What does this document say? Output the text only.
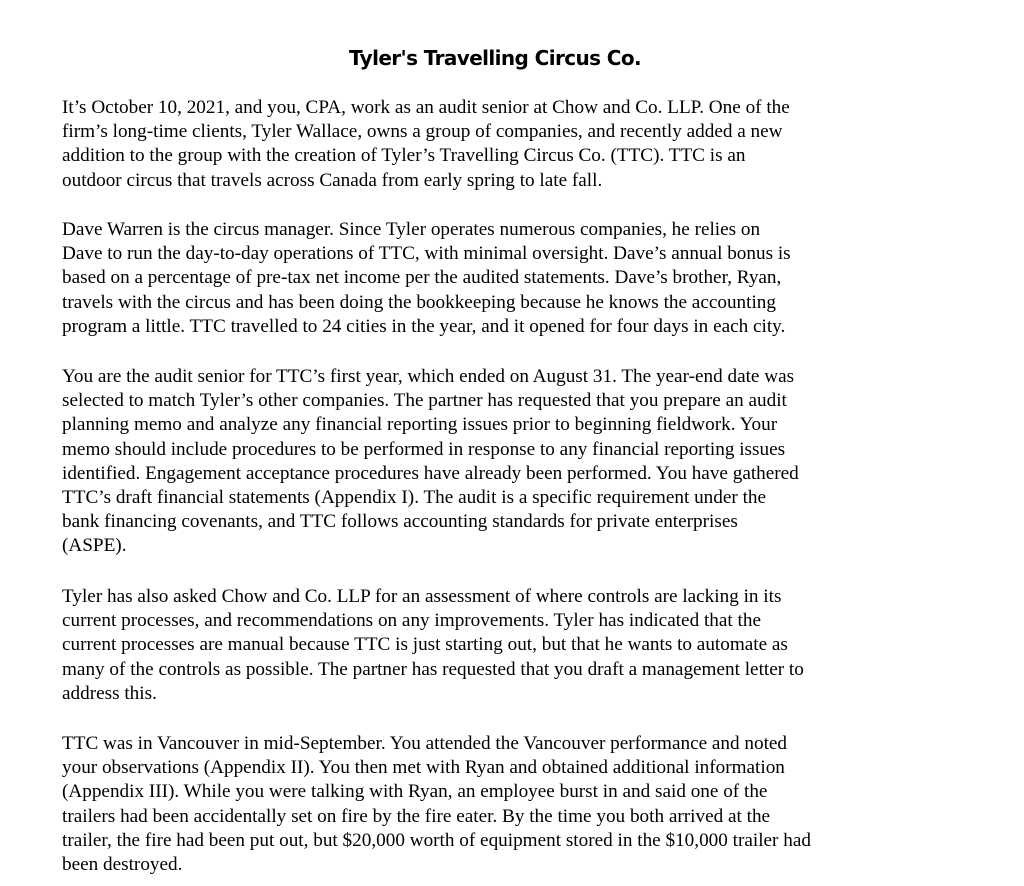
Tyler's Travelling Circus Co.

It’s October 10, 2021, and you, CPA, work as an audit senior at Chow and Co. LLP. One of the
firm’s long-time clients, Tyler Wallace, owns a group of companies, and recently added a new
addition to the group with the creation of Tyler’s Travelling Circus Co. (TTC). TTC is an
outdoor circus that travels across Canada from early spring to late fall.

Dave Warren is the circus manager. Since Tyler operates numerous companies, he relies on
Dave to run the day-to-day operations of TTC, with minimal oversight. Dave’s annual bonus is
based on a percentage of pre-tax net income per the audited statements. Dave’s brother, Ryan,
travels with the circus and has been doing the bookkeeping because he knows the accounting
program a little. TTC travelled to 24 cities in the year, and it opened for four days in each city.

You are the audit senior for TTC’s first year, which ended on August 31. The year-end date was
selected to match Tyler’s other companies. The partner has requested that you prepare an audit
planning memo and analyze any financial reporting issues prior to beginning fieldwork. Your
memo should include procedures to be performed in response to any financial reporting issues
identified. Engagement acceptance procedures have already been performed. You have gathered
TTC’s draft financial statements (Appendix I). The audit is a specific requirement under the
bank financing covenants, and TTC follows accounting standards for private enterprises
(ASPE).

Tyler has also asked Chow and Co. LLP for an assessment of where controls are lacking in its
current processes, and recommendations on any improvements. Tyler has indicated that the
current processes are manual because TTC is just starting out, but that he wants to automate as
many of the controls as possible. The partner has requested that you draft a management letter to
address this.

TTC was in Vancouver in mid-September. You attended the Vancouver performance and noted
your observations (Appendix II). You then met with Ryan and obtained additional information
(Appendix III). While you were talking with Ryan, an employee burst in and said one of the
trailers had been accidentally set on fire by the fire eater. By the time you both arrived at the
trailer, the fire had been put out, but $20,000 worth of equipment stored in the $10,000 trailer had
been destroyed.
